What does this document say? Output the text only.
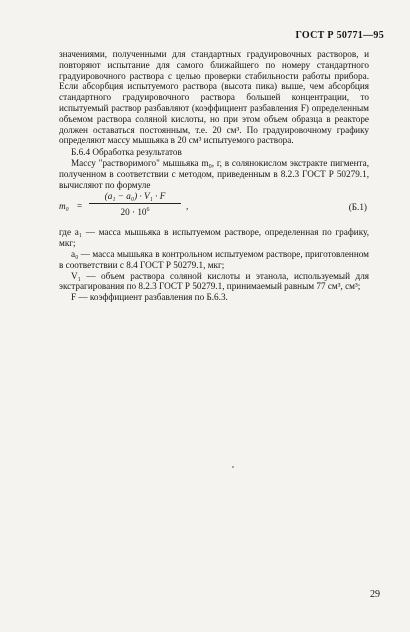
ГОСТ Р 50771—95

значениями, полученными для стандартных градуировочных растворов, и повторяют испытание для самого ближайшего по номеру стандартного градуировочного раствора с целью проверки стабильности работы прибора. Если абсорбция испытуемого раствора (высота пика) выше, чем абсорбция стандартного градуировочного раствора большей концентрации, то испытуемый раствор разбавляют (коэффициент разбавления F) определенным объемом раствора соляной кислоты, но при этом объем образца в реакторе должен оставаться постоянным, т.е. 20 см³. По градуировочному графику определяют массу мышьяка в 20 см³ испытуемого раствора.

Б.6.4 Обработка результатов

Массу "растворимого" мышьяка m₀, г, в солянокислом экстракте пигмента, полученном в соответствии с методом, приведенным в 8.2.3 ГОСТ Р 50279.1, вычисляют по формуле

$m_0 = \frac{\text{(a₁ − a₀) · V₁ · F}}{20 \cdot 10^6}$ ,	(Б.1)

где a₁ — масса мышьяка в испытуемом растворе, определенная по графику, мкг;

a₀ — масса мышьяка в контрольном испытуемом растворе, приготовленном в соответствии с 8.4 ГОСТ Р 50279.1, мкг;

V₁ — объем раствора соляной кислоты и этанола, используемый для экстрагирования по 8.2.3 ГОСТ Р 50279.1, принимаемый равным 77 см³, см³;

F — коэффициент разбавления по Б.6.3.

29
